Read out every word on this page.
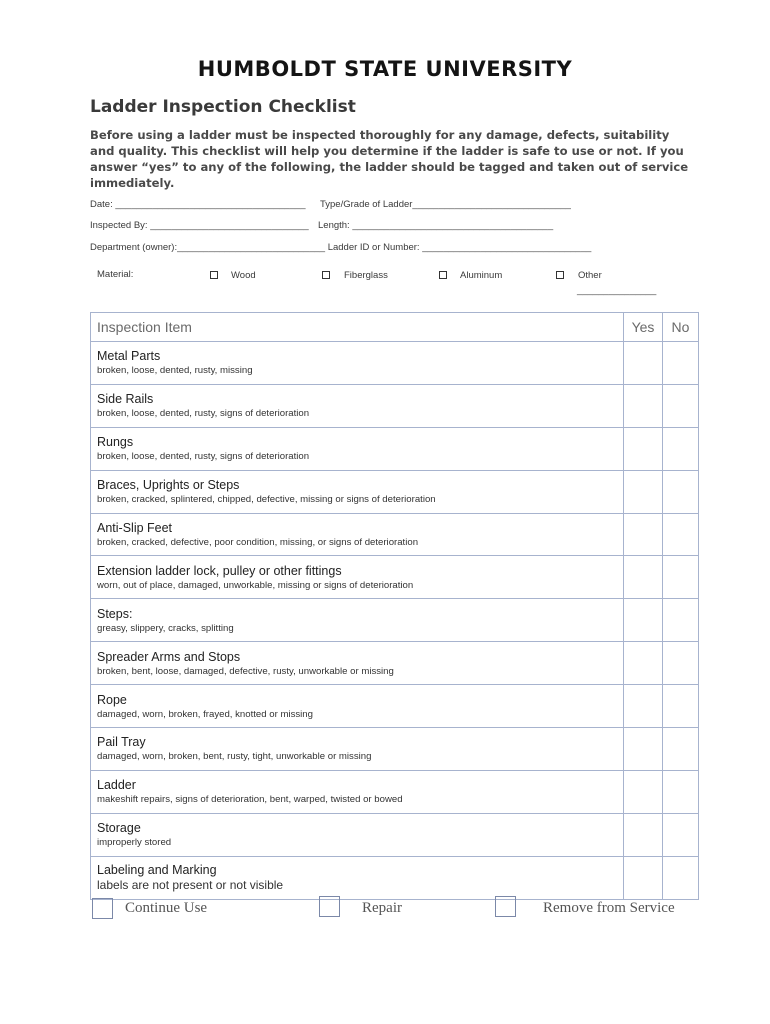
HUMBOLDT STATE UNIVERSITY
Ladder Inspection Checklist
Before using a ladder must be inspected thoroughly for any damage, defects, suitability and quality. This checklist will help you determine if the ladder is safe to use or not. If you answer “yes” to any of the following, the ladder should be tagged and taken out of service immediately.
Date: ____________________________________ Type/Grade of Ladder______________________________
Inspected By: ______________________________ Length: ______________________________________
Department (owner):____________________________ Ladder ID or Number: ________________________________
Material:	Wood	Fiberglass	Aluminum	Other
_______________
Inspection Item	Yes	No

Metal Parts
broken, loose, dented, rusty, missing		

Side Rails
broken, loose, dented, rusty, signs of deterioration		

Rungs
broken, loose, dented, rusty, signs of deterioration		

Braces, Uprights or Steps
broken, cracked, splintered, chipped, defective, missing or signs of deterioration		

Anti-Slip Feet
broken, cracked, defective, poor condition, missing, or signs of deterioration		

Extension ladder lock, pulley or other fittings
worn, out of place, damaged, unworkable, missing or signs of deterioration		

Steps:
greasy, slippery, cracks, splitting		

Spreader Arms and Stops
broken, bent, loose, damaged, defective, rusty, unworkable or missing		

Rope
damaged, worn, broken, frayed, knotted or missing		

Pail Tray
damaged, worn, broken, bent, rusty, tight, unworkable or missing		

Ladder
makeshift repairs, signs of deterioration, bent, warped, twisted or bowed		

Storage
improperly stored		

Labeling and Marking
labels are not present or not visible		

Continue Use	Repair	Remove from Service
